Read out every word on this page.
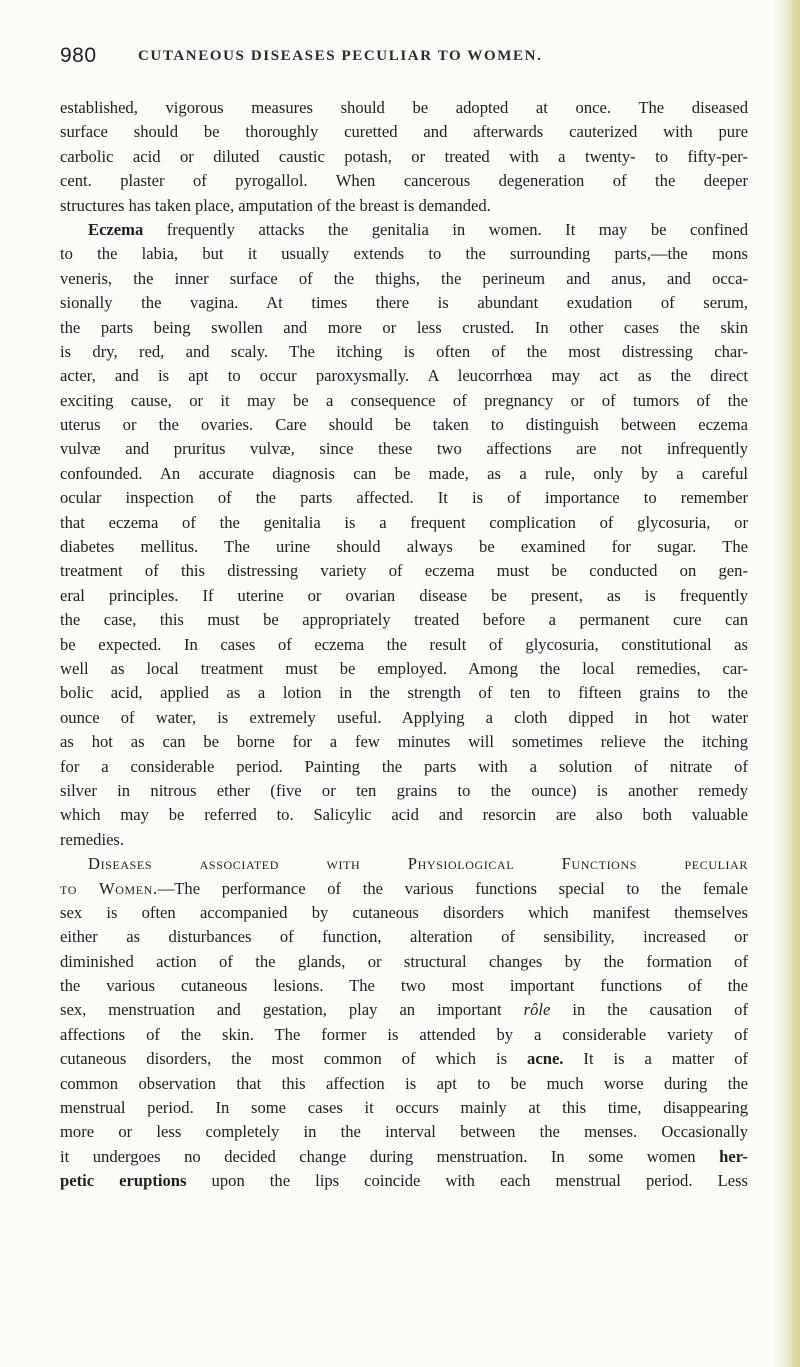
980	CUTANEOUS DISEASES PECULIAR TO WOMEN.
established, vigorous measures should be adopted at once. The diseased
surface should be thoroughly curetted and afterwards cauterized with pure
carbolic acid or diluted caustic potash, or treated with a twenty- to fifty-per-
cent. plaster of pyrogallol. When cancerous degeneration of the deeper
structures has taken place, amputation of the breast is demanded.
Eczema frequently attacks the genitalia in women. It may be confined
to the labia, but it usually extends to the surrounding parts,—the mons
veneris, the inner surface of the thighs, the perineum and anus, and occa-
sionally the vagina. At times there is abundant exudation of serum,
the parts being swollen and more or less crusted. In other cases the skin
is dry, red, and scaly. The itching is often of the most distressing char-
acter, and is apt to occur paroxysmally. A leucorrhœa may act as the direct
exciting cause, or it may be a consequence of pregnancy or of tumors of the
uterus or the ovaries. Care should be taken to distinguish between eczema
vulvæ and pruritus vulvæ, since these two affections are not infrequently
confounded. An accurate diagnosis can be made, as a rule, only by a careful
ocular inspection of the parts affected. It is of importance to remember
that eczema of the genitalia is a frequent complication of glycosuria, or
diabetes mellitus. The urine should always be examined for sugar. The
treatment of this distressing variety of eczema must be conducted on gen-
eral principles. If uterine or ovarian disease be present, as is frequently
the case, this must be appropriately treated before a permanent cure can
be expected. In cases of eczema the result of glycosuria, constitutional as
well as local treatment must be employed. Among the local remedies, car-
bolic acid, applied as a lotion in the strength of ten to fifteen grains to the
ounce of water, is extremely useful. Applying a cloth dipped in hot water
as hot as can be borne for a few minutes will sometimes relieve the itching
for a considerable period. Painting the parts with a solution of nitrate of
silver in nitrous ether (five or ten grains to the ounce) is another remedy
which may be referred to. Salicylic acid and resorcin are also both valuable
remedies.
Diseases associated with Physiological Functions peculiar
to Women.—The performance of the various functions special to the female
sex is often accompanied by cutaneous disorders which manifest themselves
either as disturbances of function, alteration of sensibility, increased or
diminished action of the glands, or structural changes by the formation of
the various cutaneous lesions. The two most important functions of the
sex, menstruation and gestation, play an important rôle in the causation of
affections of the skin. The former is attended by a considerable variety of
cutaneous disorders, the most common of which is acne. It is a matter of
common observation that this affection is apt to be much worse during the
menstrual period. In some cases it occurs mainly at this time, disappearing
more or less completely in the interval between the menses. Occasionally
it undergoes no decided change during menstruation. In some women her-
petic eruptions upon the lips coincide with each menstrual period. Less
